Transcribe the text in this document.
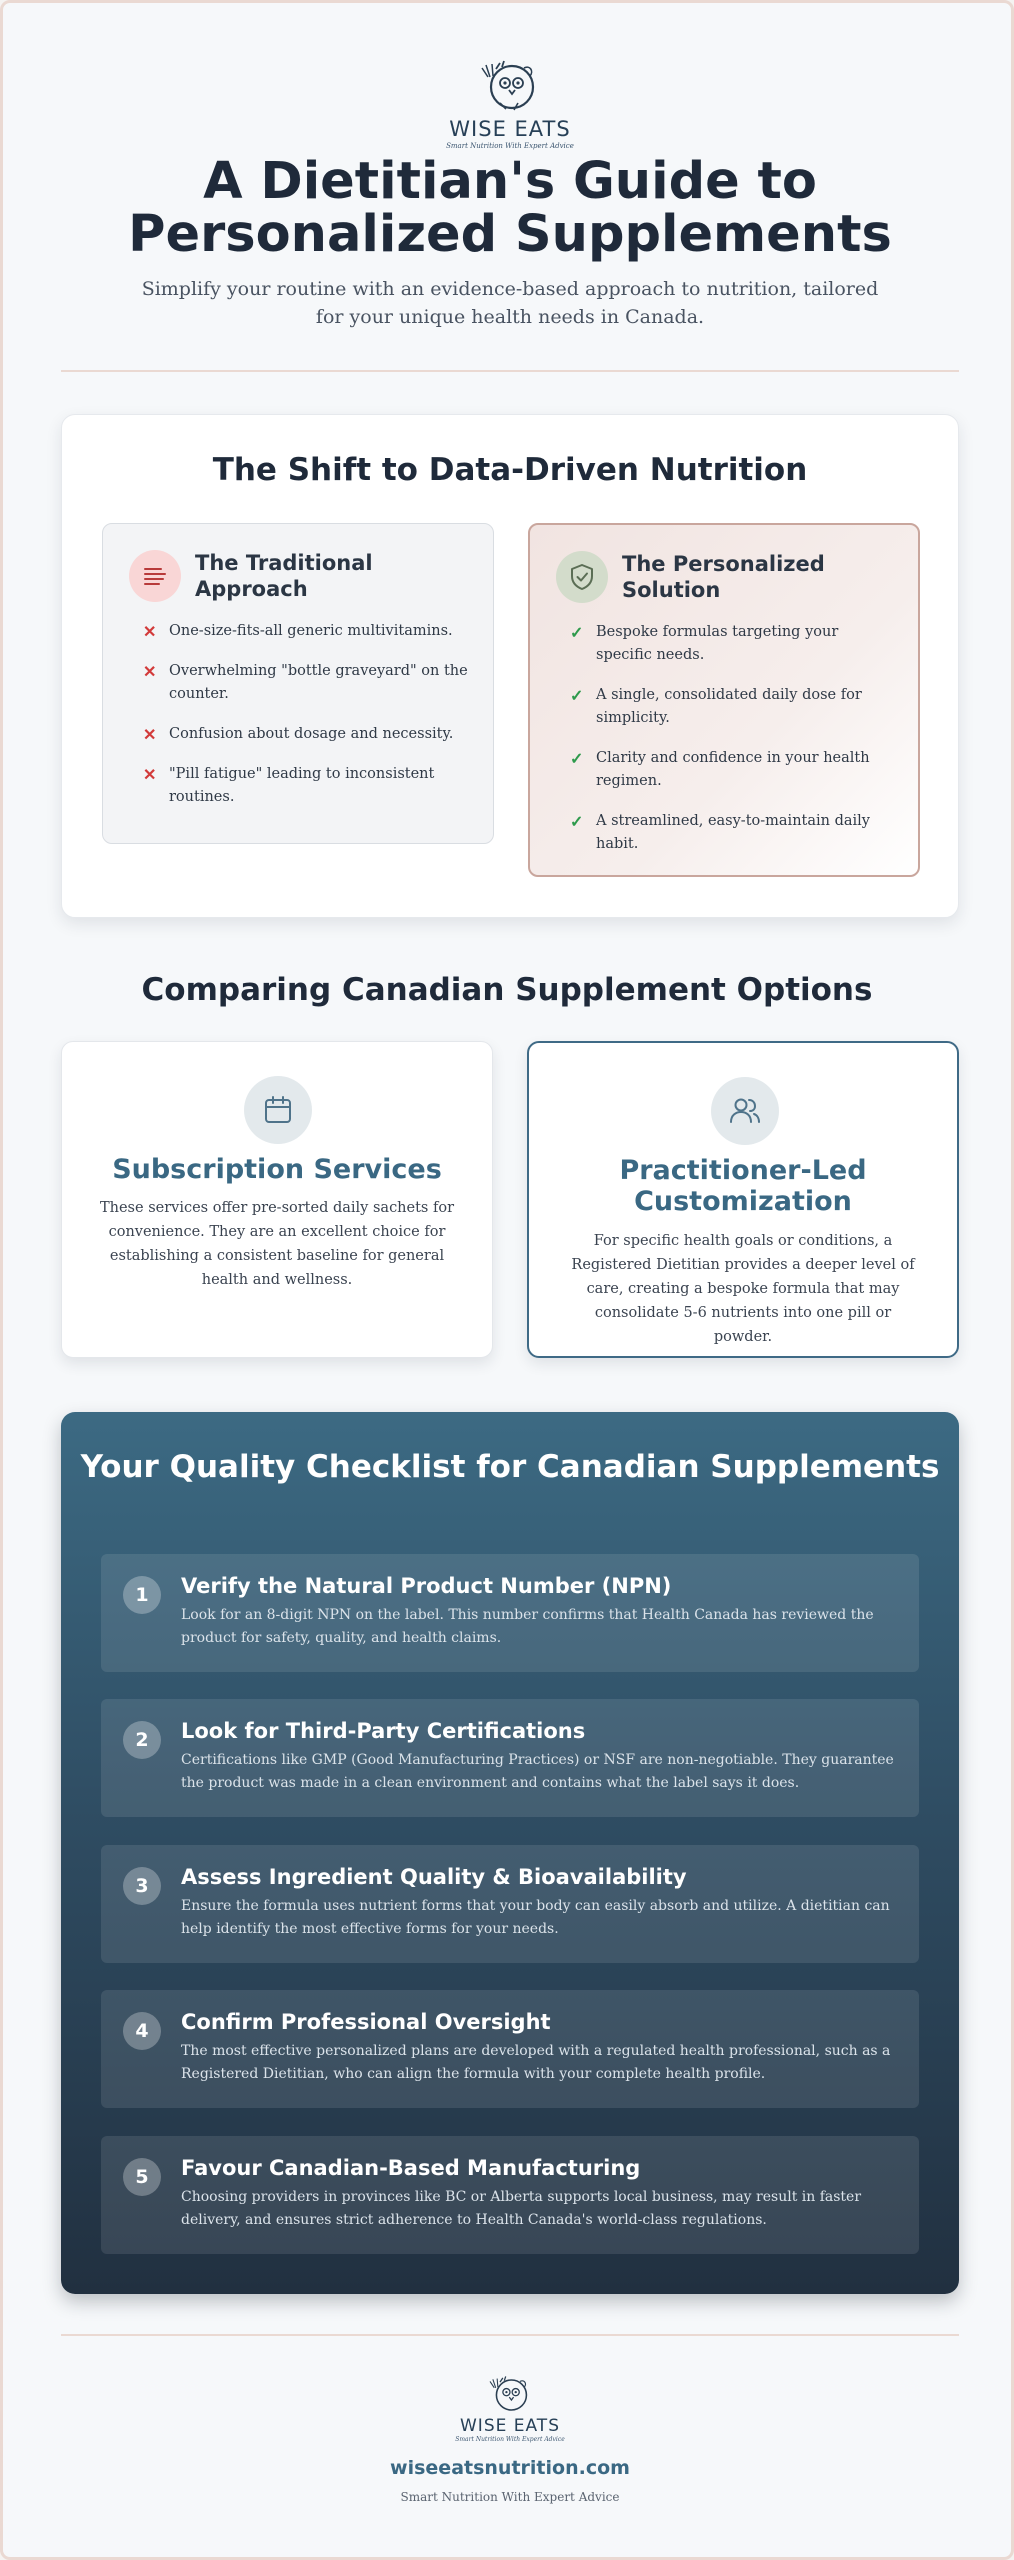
WISE EATS
Smart Nutrition With Expert Advice
A Dietitian's Guide to Personalized Supplements
Simplify your routine with an evidence-based approach to nutrition, tailored for your unique health needs in Canada.
The Shift to Data-Driven Nutrition
The Traditional Approach
✕ One-size-fits-all generic multivitamins.
✕ Overwhelming "bottle graveyard" on the counter.
✕ Confusion about dosage and necessity.
✕ "Pill fatigue" leading to inconsistent routines.
The Personalized Solution
✓ Bespoke formulas targeting your specific needs.
✓ A single, consolidated daily dose for simplicity.
✓ Clarity and confidence in your health regimen.
✓ A streamlined, easy-to-maintain daily habit.
Comparing Canadian Supplement Options
Subscription Services
These services offer pre-sorted daily sachets for convenience. They are an excellent choice for establishing a consistent baseline for general health and wellness.
Practitioner-Led Customization
For specific health goals or conditions, a Registered Dietitian provides a deeper level of care, creating a bespoke formula that may consolidate 5-6 nutrients into one pill or powder.
Your Quality Checklist for Canadian Supplements
1	Verify the Natural Product Number (NPN)
Look for an 8-digit NPN on the label. This number confirms that Health Canada has reviewed the product for safety, quality, and health claims.
2	Look for Third-Party Certifications
Certifications like GMP (Good Manufacturing Practices) or NSF are non-negotiable. They guarantee the product was made in a clean environment and contains what the label says it does.
3	Assess Ingredient Quality & Bioavailability
Ensure the formula uses nutrient forms that your body can easily absorb and utilize. A dietitian can help identify the most effective forms for your needs.
4	Confirm Professional Oversight
The most effective personalized plans are developed with a regulated health professional, such as a Registered Dietitian, who can align the formula with your complete health profile.
5	Favour Canadian-Based Manufacturing
Choosing providers in provinces like BC or Alberta supports local business, may result in faster delivery, and ensures strict adherence to Health Canada's world-class regulations.
WISE EATS
Smart Nutrition With Expert Advice
wiseeatsnutrition.com
Smart Nutrition With Expert Advice
